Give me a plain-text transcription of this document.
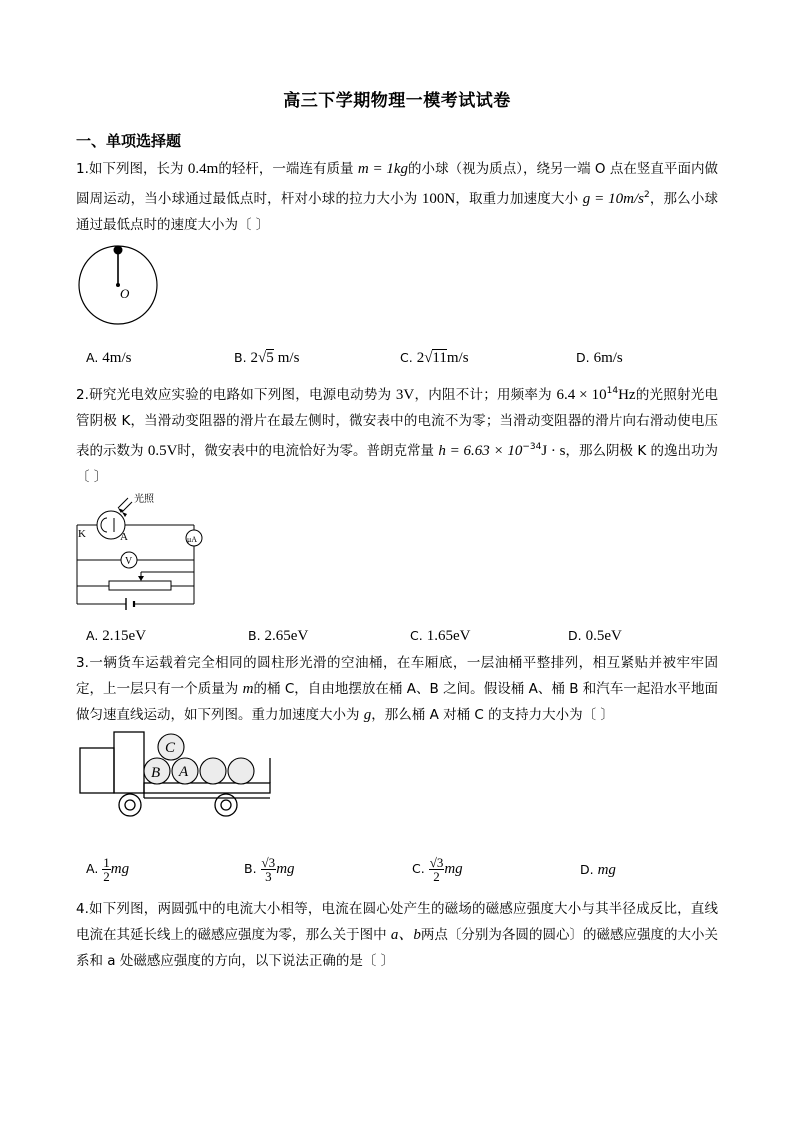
高三下学期物理一模考试试卷
一、单项选择题
1.如下列图，长为 0.4m的轻杆，一端连有质量 m = 1kg的小球（视为质点），绕另一端 O 点在竖直平面内做圆周运动，当小球通过最低点时，杆对小球的拉力大小为 100N，取重力加速度大小 $g = 10m/s^2$，那么小球通过最低点时的速度大小为〔 〕
O
A. 4m/s	B. 2√5 m/s	C. 2√11m/s	D. 6m/s
2.研究光电效应实验的电路如下列图，电源电动势为 3V，内阻不计；用频率为 $6.4 \times 10^{14}Hz$的光照射光电管阴极 K，当滑动变阻器的滑片在最左侧时，微安表中的电流不为零；当滑动变阻器的滑片向右滑动使电压表的示数为 0.5V时，微安表中的电流恰好为零。普朗克常量 $h = 6.63 \times 10^{-34}J \cdot s$，那么阴极 K 的逸出功为〔 〕
光照
K	A	μA
V
A. 2.15eV	B. 2.65eV	C. 1.65eV	D. 0.5eV
3.一辆货车运载着完全相同的圆柱形光滑的空油桶，在车厢底，一层油桶平整排列，相互紧贴并被牢牢固定，上一层只有一个质量为 m的桶 C，自由地摆放在桶 A、B 之间。假设桶 A、桶 B 和汽车一起沿水平地面做匀速直线运动，如下列图。重力加速度大小为 g，那么桶 A 对桶 C 的支持力大小为〔 〕
B A
C
A. $\frac{1}{2}$ mg	B. $\frac{√3}{3}$ mg	C. $\frac{√3}{2}$ mg	D. mg
4.如下列图，两圆弧中的电流大小相等，电流在圆心处产生的磁场的磁感应强度大小与其半径成反比，直线电流在其延长线上的磁感应强度为零，那么关于图中 a、b两点〔分别为各圆的圆心〕的磁感应强度的大小关系和 a 处磁感应强度的方向，以下说法正确的是〔 〕
